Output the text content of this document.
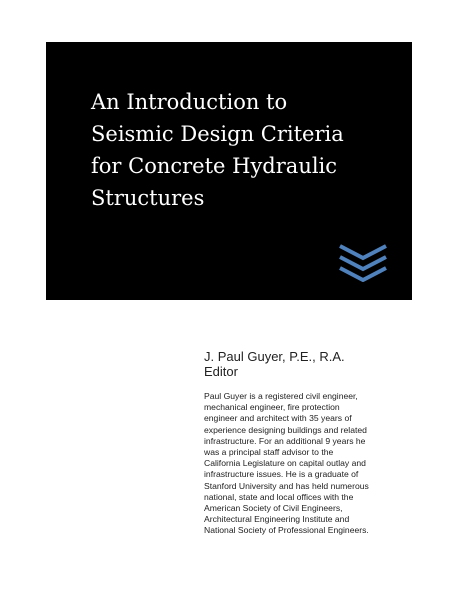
An Introduction to
Seismic Design Criteria
for Concrete Hydraulic
Structures

J. Paul Guyer, P.E., R.A.

Editor

Paul Guyer is a registered civil engineer,
mechanical engineer, fire protection
engineer and architect with 35 years of
experience designing buildings and related
infrastructure. For an additional 9 years he
was a principal staff advisor to the
California Legislature on capital outlay and
infrastructure issues. He is a graduate of
Stanford University and has held numerous
national, state and local offices with the
American Society of Civil Engineers,
Architectural Engineering Institute and
National Society of Professional Engineers.
